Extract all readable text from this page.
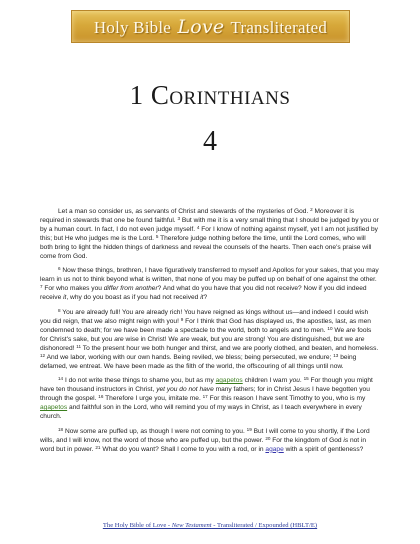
Holy Bible Love Transliterated
1 Corinthians
4

Let a man so consider us, as servants of Christ and stewards of the mysteries of God. $^2$ Moreover it is required in stewards that one be found faithful. $^3$ But with me it is a very small thing that I should be judged by you or by a human court. In fact, I do not even judge myself. $^4$ For I know of nothing against myself, yet I am not justified by this; but He who judges me is the Lord. $^5$ Therefore judge nothing before the time, until the Lord comes, who will both bring to light the hidden things of darkness and reveal the counsels of the hearts. Then each one's praise will come from God.

$^6$ Now these things, brethren, I have figuratively transferred to myself and Apollos for your sakes, that you may learn in us not to think beyond what is written, that none of you may be puffed up on behalf of one against the other. $^7$ For who makes you differ from another? And what do you have that you did not receive? Now if you did indeed receive it, why do you boast as if you had not received it?

$^8$ You are already full! You are already rich! You have reigned as kings without us—and indeed I could wish you did reign, that we also might reign with you! $^9$ For I think that God has displayed us, the apostles, last, as men condemned to death; for we have been made a spectacle to the world, both to angels and to men. $^{10}$ We are fools for Christ's sake, but you are wise in Christ! We are weak, but you are strong! You are distinguished, but we are dishonored! $^{11}$ To the present hour we both hunger and thirst, and we are poorly clothed, and beaten, and homeless. $^{12}$ And we labor, working with our own hands. Being reviled, we bless; being persecuted, we endure; $^{13}$ being defamed, we entreat. We have been made as the filth of the world, the offscouring of all things until now.

$^{14}$ I do not write these things to shame you, but as my agapetos children I warn you. $^{15}$ For though you might have ten thousand instructors in Christ, yet you do not have many fathers; for in Christ Jesus I have begotten you through the gospel. $^{16}$ Therefore I urge you, imitate me. $^{17}$ For this reason I have sent Timothy to you, who is my agapetos and faithful son in the Lord, who will remind you of my ways in Christ, as I teach everywhere in every church.

$^{18}$ Now some are puffed up, as though I were not coming to you. $^{19}$ But I will come to you shortly, if the Lord wills, and I will know, not the word of those who are puffed up, but the power. $^{20}$ For the kingdom of God is not in word but in power. $^{21}$ What do you want? Shall I come to you with a rod, or in agape with a spirit of gentleness?

The Holy Bible of Love - New Testament - Transliterated / Expounded (HBLT/E)
